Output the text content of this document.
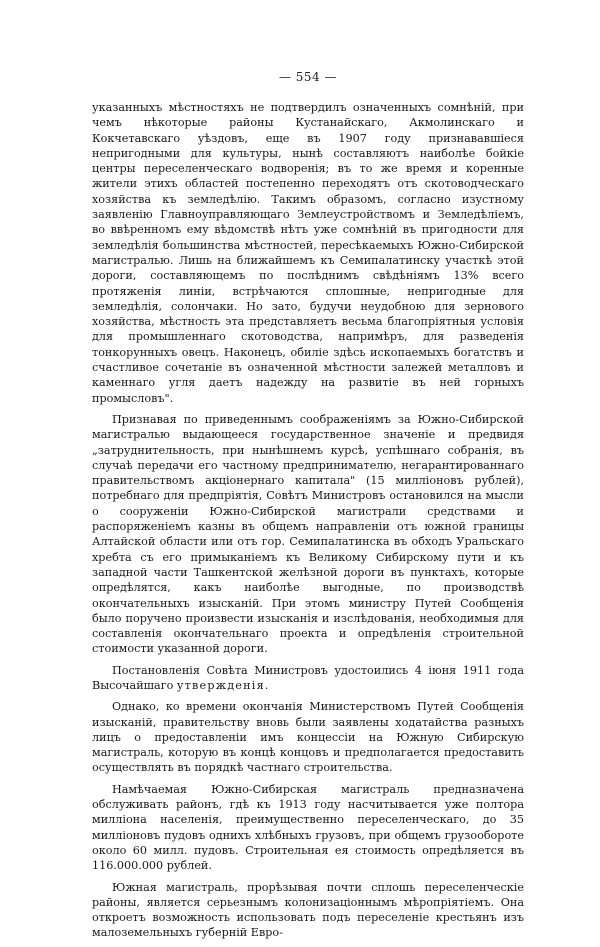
— 554 —

указанныхъ мѣстностяхъ не подтвердилъ означенныхъ сомнѣній, при чемъ нѣкоторые районы Кустанайскаго, Акмолинскаго и Кокчетавскаго уѣздовъ, еще въ 1907 году признававшіеся непригодными для культуры, нынѣ составляютъ наиболѣе бойкіе центры переселенческаго водворенія; въ то же время и коренные жители этихъ областей постепенно переходятъ отъ скотоводческаго хозяйства къ земледѣлію. Такимъ образомъ, согласно изустному заявленію Главноуправляющаго Землеустройствомъ и Земледѣліемъ, во ввѣренномъ ему вѣдомствѣ нѣтъ уже сомнѣній въ пригодности для земледѣлія большинства мѣстностей, пересѣкаемыхъ Южно-Сибирской магистралью. Лишь на ближайшемъ къ Семипалатинску участкѣ этой дороги, составляющемъ по послѣднимъ свѣдѣніямъ 13% всего протяженія линіи, встрѣчаются сплошные, непригодные для земледѣлія, солончаки. Но зато, будучи неудобною для зернового хозяйства, мѣстность эта представляетъ весьма благопріятныя условія для промышленнаго скотоводства, напримѣръ, для разведенія тонкорунныхъ овецъ. Наконецъ, обиліе здѣсь ископаемыхъ богатствъ и счастливое сочетаніе въ означенной мѣстности залежей металловъ и каменнаго угля даетъ надежду на развитіе въ ней горныхъ промысловъ".

Признавая по приведеннымъ соображеніямъ за Южно-Сибирской магистралью выдающееся государственное значеніе и предвидя „затруднительность, при нынѣшнемъ курсѣ, успѣшнаго собранія, въ случаѣ передачи его частному предпринимателю, негарантированнаго правительствомъ акціонернаго капитала" (15 милліоновъ рублей), потребнаго для предпріятія, Совѣтъ Министровъ остановился на мысли о сооруженіи Южно-Сибирской магистрали средствами и распоряженіемъ казны въ общемъ направленіи отъ южной границы Алтайской области или отъ гор. Семипалатинска въ обходъ Уральскаго хребта съ его примыканіемъ къ Великому Сибирскому пути и къ западной части Ташкентской желѣзной дороги въ пунктахъ, которые опредѣлятся, какъ наиболѣе выгодные, по производствѣ окончательныхъ изысканій. При этомъ министру Путей Сообщенія было поручено произвести изысканія и изслѣдованія, необходимыя для составленія окончательнаго проекта и опредѣленія строительной стоимости указанной дороги.

Постановленія Совѣта Министровъ удостоились 4 іюня 1911 года Высочайшаго утвержденія.

Однако, ко времени окончанія Министерствомъ Путей Сообщенія изысканій, правительству вновь были заявлены ходатайства разныхъ лицъ о предоставленіи имъ концессіи на Южную Сибирскую магистраль, которую въ концѣ концовъ и предполагается предоставить осуществлять въ порядкѣ частнаго строительства.

Намѣчаемая Южно-Сибирская магистраль предназначена обслуживать районъ, гдѣ къ 1913 году насчитывается уже полтора милліона населенія, преимущественно переселенческаго, до 35 милліоновъ пудовъ однихъ хлѣбныхъ грузовъ, при общемъ грузообороте около 60 милл. пудовъ. Строительная ея стоимость опредѣляется въ 116.000.000 рублей.

Южная магистраль, прорѣзывая почти сплошь переселенческіе районы, является серьезнымъ колонизаціоннымъ мѣропріятіемъ. Она откроетъ возможность использовать подъ переселеніе крестьянъ изъ малоземельныхъ губерній Евро-
